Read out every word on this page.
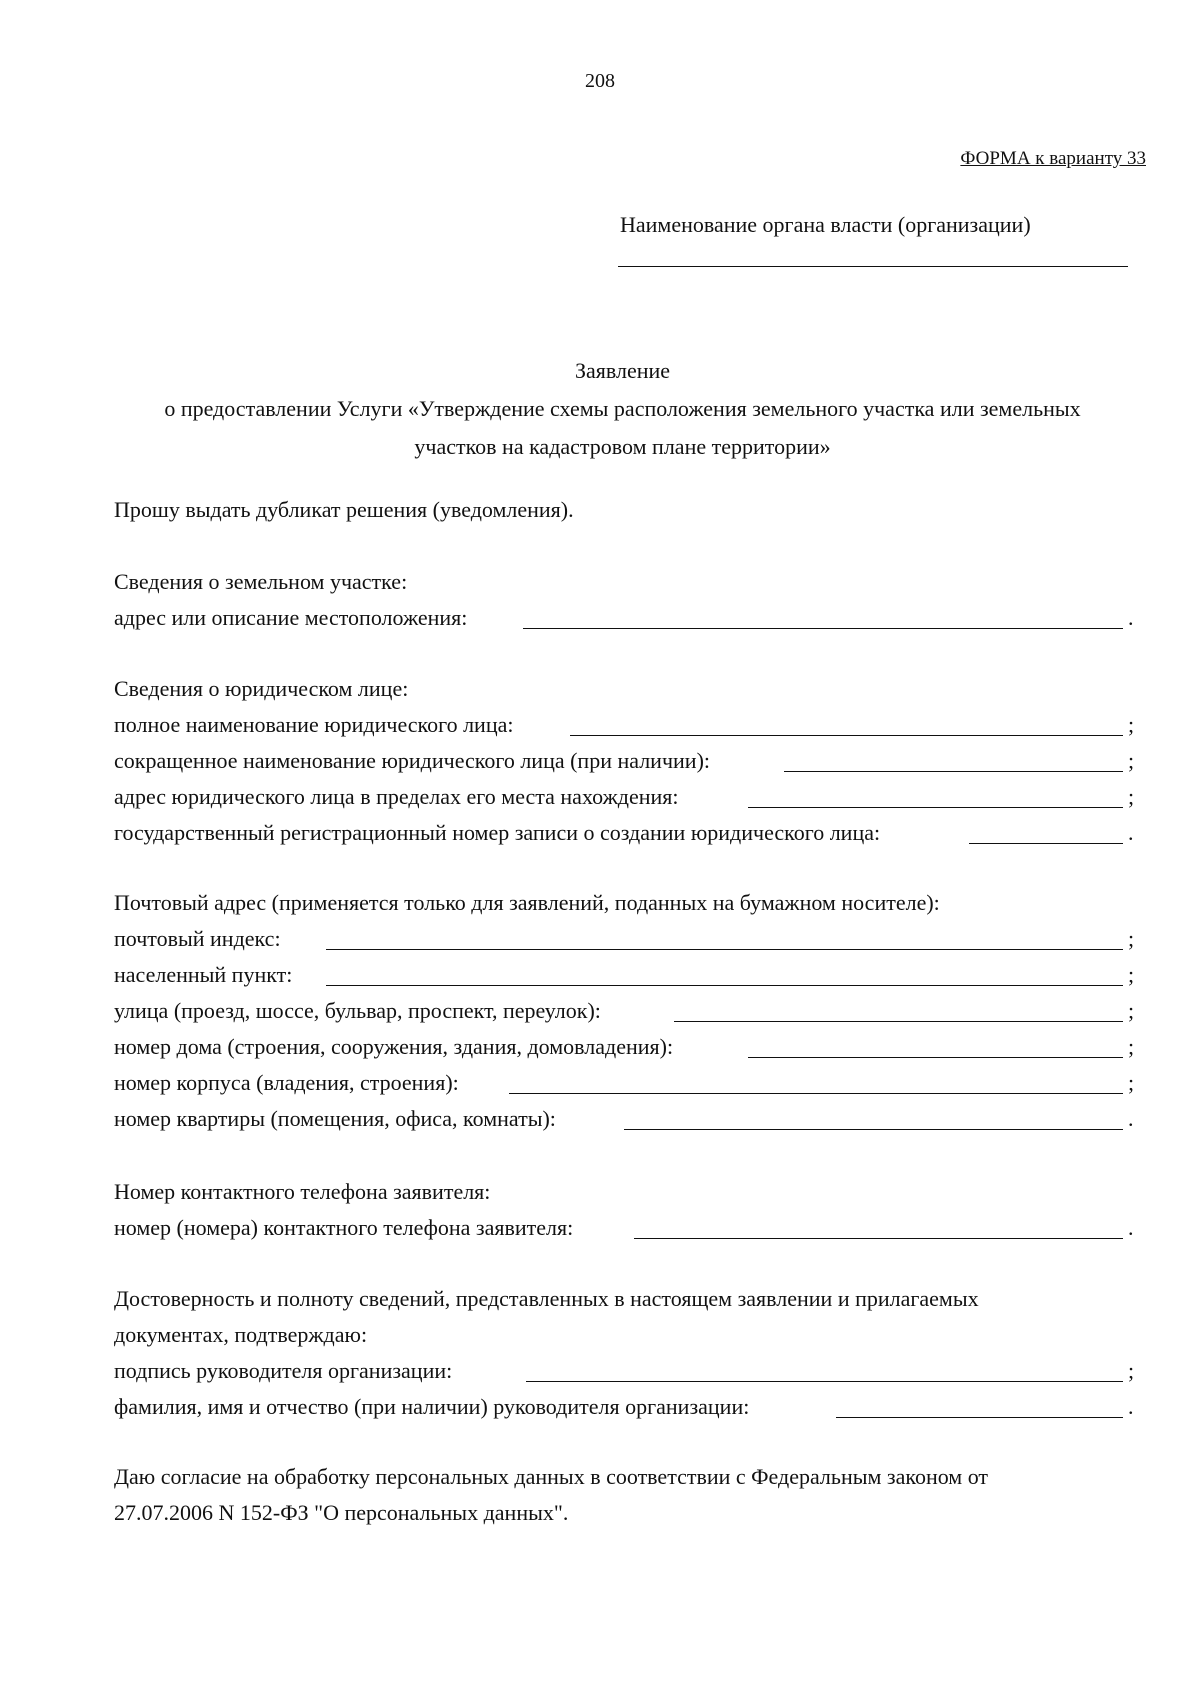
208
ФОРМА к варианту 33
Наименование органа власти (организации)
Заявление
о предоставлении Услуги «Утверждение схемы расположения земельного участка или земельных
участков на кадастровом плане территории»
Прошу выдать дубликат решения (уведомления).
Сведения о земельном участке:
адрес или описание местоположения:	.
Сведения о юридическом лице:
полное наименование юридического лица:	;
сокращенное наименование юридического лица (при наличии):	;
адрес юридического лица в пределах его места нахождения:	;
государственный регистрационный номер записи о создании юридического лица:	.
Почтовый адрес (применяется только для заявлений, поданных на бумажном носителе):
почтовый индекс:	;
населенный пункт:	;
улица (проезд, шоссе, бульвар, проспект, переулок):	;
номер дома (строения, сооружения, здания, домовладения):	;
номер корпуса (владения, строения):	;
номер квартиры (помещения, офиса, комнаты):	.
Номер контактного телефона заявителя:
номер (номера) контактного телефона заявителя:	.
Достоверность и полноту сведений, представленных в настоящем заявлении и прилагаемых
документах, подтверждаю:
подпись руководителя организации:	;
фамилия, имя и отчество (при наличии) руководителя организации:	.
Даю согласие на обработку персональных данных в соответствии с Федеральным законом от
27.07.2006 N 152-ФЗ "О персональных данных".
